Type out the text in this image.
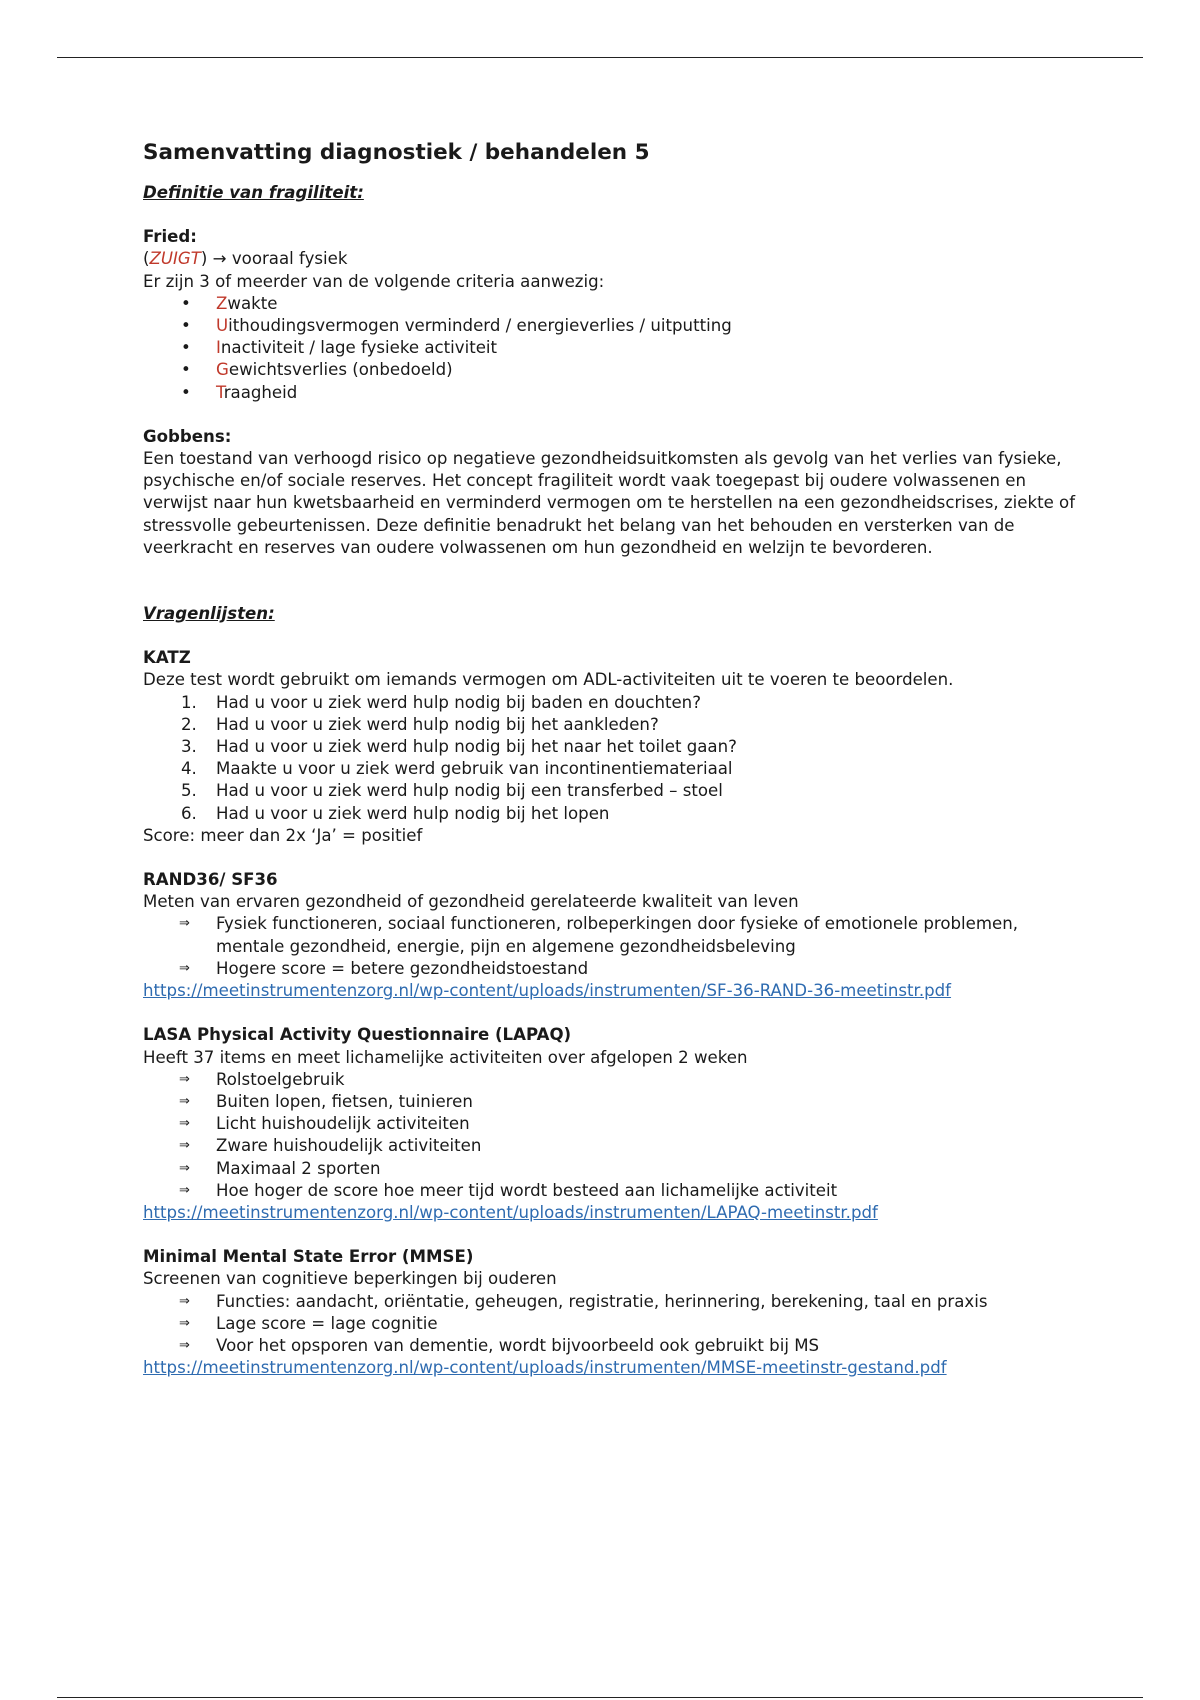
Samenvatting diagnostiek / behandelen 5

Definitie van fragiliteit:

Fried:

(ZUIGT) → vooraal fysiek

Er zijn 3 of meerder van de volgende criteria aanwezig:

• Zwakte
• Uithoudingsvermogen verminderd / energieverlies / uitputting
• Inactiviteit / lage fysieke activiteit
• Gewichtsverlies (onbedoeld)
• Traagheid

Gobbens:

Een toestand van verhoogd risico op negatieve gezondheidsuitkomsten als gevolg van het verlies van fysieke, psychische en/of sociale reserves. Het concept fragiliteit wordt vaak toegepast bij oudere volwassenen en verwijst naar hun kwetsbaarheid en verminderd vermogen om te herstellen na een gezondheidscrises, ziekte of stressvolle gebeurtenissen. Deze definitie benadrukt het belang van het behouden en versterken van de veerkracht en reserves van oudere volwassenen om hun gezondheid en welzijn te bevorderen.

Vragenlijsten:

KATZ

Deze test wordt gebruikt om iemands vermogen om ADL-activiteiten uit te voeren te beoordelen.

1. Had u voor u ziek werd hulp nodig bij baden en douchten?
2. Had u voor u ziek werd hulp nodig bij het aankleden?
3. Had u voor u ziek werd hulp nodig bij het naar het toilet gaan?
4. Maakte u voor u ziek werd gebruik van incontinentiemateriaal
5. Had u voor u ziek werd hulp nodig bij een transferbed – stoel
6. Had u voor u ziek werd hulp nodig bij het lopen

Score: meer dan 2x ‘Ja’ = positief

RAND36/ SF36

Meten van ervaren gezondheid of gezondheid gerelateerde kwaliteit van leven

⇒ Fysiek functioneren, sociaal functioneren, rolbeperkingen door fysieke of emotionele problemen, mentale gezondheid, energie, pijn en algemene gezondheidsbeleving
⇒ Hogere score = betere gezondheidstoestand
https://meetinstrumentenzorg.nl/wp-content/uploads/instrumenten/SF-36-RAND-36-meetinstr.pdf

LASA Physical Activity Questionnaire (LAPAQ)

Heeft 37 items en meet lichamelijke activiteiten over afgelopen 2 weken

⇒ Rolstoelgebruik
⇒ Buiten lopen, fietsen, tuinieren
⇒ Licht huishoudelijk activiteiten
⇒ Zware huishoudelijk activiteiten
⇒ Maximaal 2 sporten
⇒ Hoe hoger de score hoe meer tijd wordt besteed aan lichamelijke activiteit
https://meetinstrumentenzorg.nl/wp-content/uploads/instrumenten/LAPAQ-meetinstr.pdf

Minimal Mental State Error (MMSE)

Screenen van cognitieve beperkingen bij ouderen

⇒ Functies: aandacht, oriëntatie, geheugen, registratie, herinnering, berekening, taal en praxis
⇒ Lage score = lage cognitie
⇒ Voor het opsporen van dementie, wordt bijvoorbeeld ook gebruikt bij MS
https://meetinstrumentenzorg.nl/wp-content/uploads/instrumenten/MMSE-meetinstr-gestand.pdf
